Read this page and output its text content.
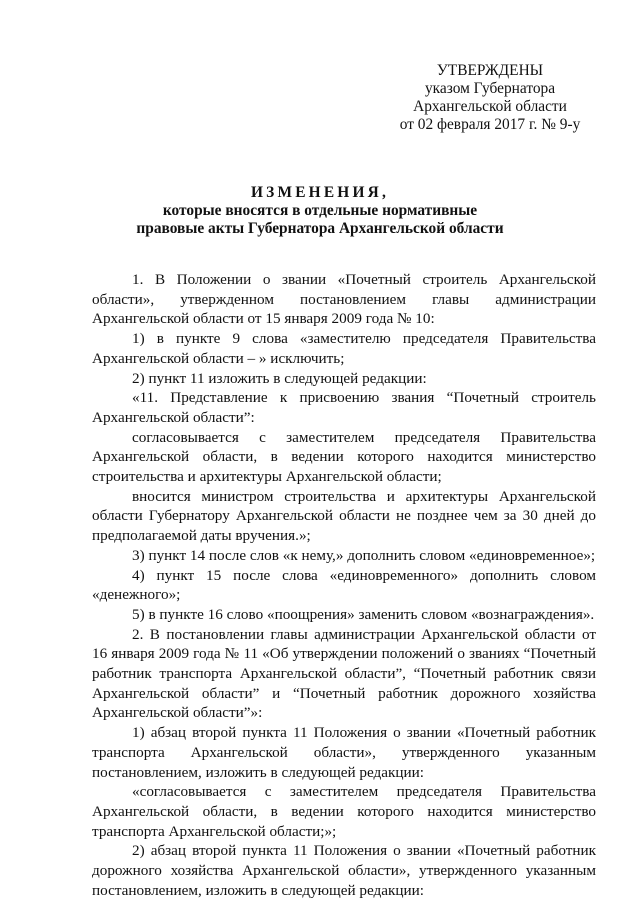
УТВЕРЖДЕНЫ
указом Губернатора
Архангельской области
от 02 февраля 2017 г. № 9-у
ИЗМЕНЕНИЯ,
которые вносятся в отдельные нормативные
правовые акты Губернатора Архангельской области

1. В Положении о звании «Почетный строитель Архангельской области», утвержденном постановлением главы администрации Архангельской области от 15 января 2009 года № 10:

1) в пункте 9 слова «заместителю председателя Правительства Архангельской области – » исключить;

2) пункт 11 изложить в следующей редакции:

«11. Представление к присвоению звания “Почетный строитель Архангельской области”:

согласовывается с заместителем председателя Правительства Архангельской области, в ведении которого находится министерство строительства и архитектуры Архангельской области;

вносится министром строительства и архитектуры Архангельской области Губернатору Архангельской области не позднее чем за 30 дней до предполагаемой даты вручения.»;

3) пункт 14 после слов «к нему,» дополнить словом «единовременное»;

4) пункт 15 после слова «единовременного» дополнить словом «денежного»;

5) в пункте 16 слово «поощрения» заменить словом «вознаграждения».

2. В постановлении главы администрации Архангельской области от 16 января 2009 года № 11 «Об утверждении положений о званиях “Почетный работник транспорта Архангельской области”, “Почетный работник связи Архангельской области” и “Почетный работник дорожного хозяйства Архангельской области”»:

1) абзац второй пункта 11 Положения о звании «Почетный работник транспорта Архангельской области», утвержденного указанным постановлением, изложить в следующей редакции:

«согласовывается с заместителем председателя Правительства Архангельской области, в ведении которого находится министерство транспорта Архангельской области;»;

2) абзац второй пункта 11 Положения о звании «Почетный работник дорожного хозяйства Архангельской области», утвержденного указанным постановлением, изложить в следующей редакции:
